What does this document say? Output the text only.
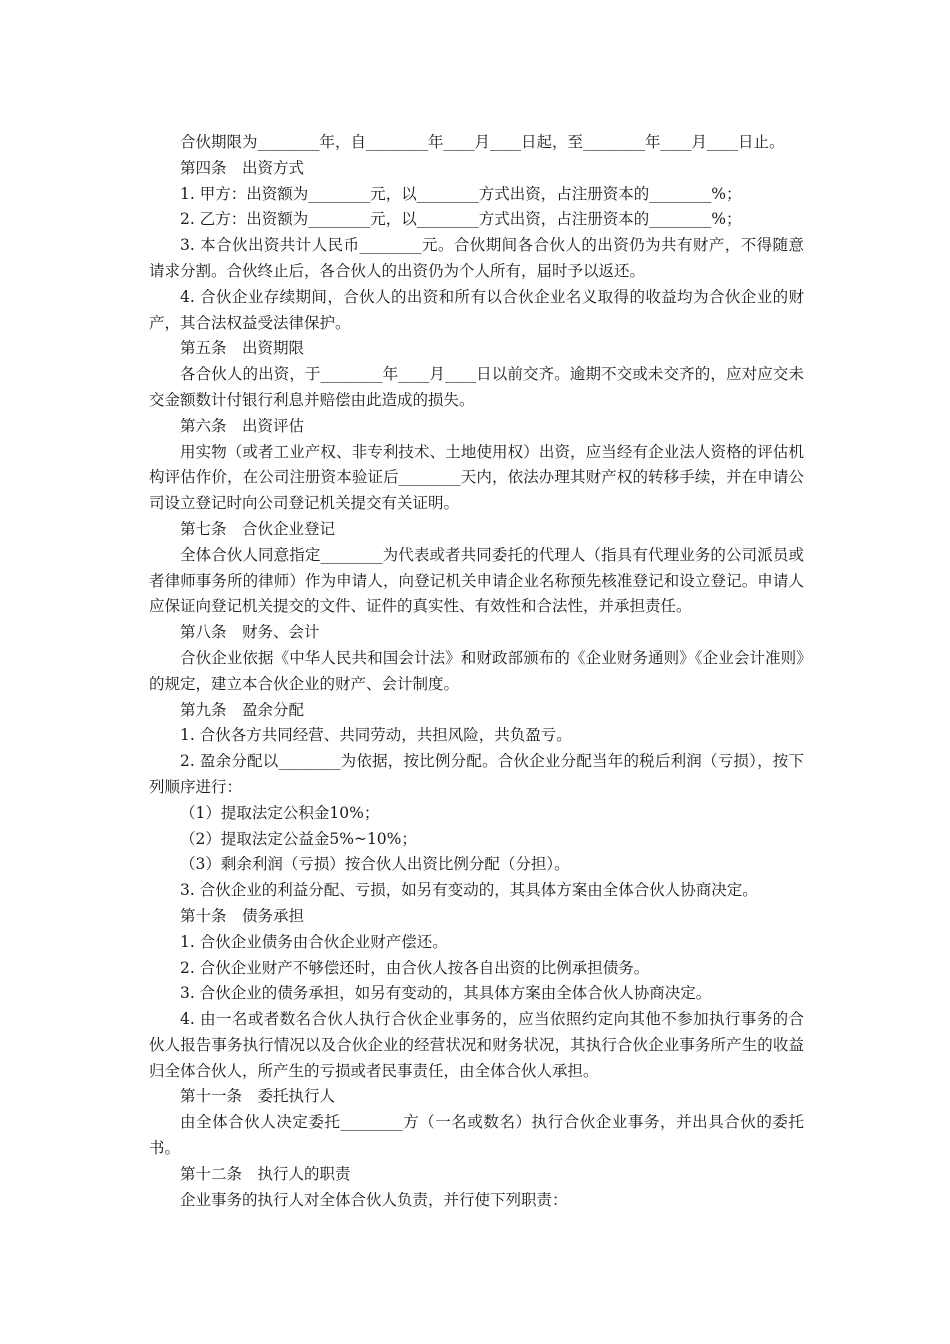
合伙期限为________年，自________年____月____日起，至________年____月____日止。

第四条　出资方式

1. 甲方：出资额为________元，以________方式出资，占注册资本的________%；

2. 乙方：出资额为________元，以________方式出资，占注册资本的________%；

3. 本合伙出资共计人民币________元。合伙期间各合伙人的出资仍为共有财产，不得随意请求分割。合伙终止后，各合伙人的出资仍为个人所有，届时予以返还。

4. 合伙企业存续期间，合伙人的出资和所有以合伙企业名义取得的收益均为合伙企业的财产，其合法权益受法律保护。

第五条　出资期限

各合伙人的出资，于________年____月____日以前交齐。逾期不交或未交齐的，应对应交未交金额数计付银行利息并赔偿由此造成的损失。

第六条　出资评估

用实物（或者工业产权、非专利技术、土地使用权）出资，应当经有企业法人资格的评估机构评估作价，在公司注册资本验证后________天内，依法办理其财产权的转移手续，并在申请公司设立登记时向公司登记机关提交有关证明。

第七条　合伙企业登记

全体合伙人同意指定________为代表或者共同委托的代理人（指具有代理业务的公司派员或者律师事务所的律师）作为申请人，向登记机关申请企业名称预先核准登记和设立登记。申请人应保证向登记机关提交的文件、证件的真实性、有效性和合法性，并承担责任。

第八条　财务、会计

合伙企业依据《中华人民共和国会计法》和财政部颁布的《企业财务通则》《企业会计准则》的规定，建立本合伙企业的财产、会计制度。

第九条　盈余分配

1. 合伙各方共同经营、共同劳动，共担风险，共负盈亏。

2. 盈余分配以________为依据，按比例分配。合伙企业分配当年的税后利润（亏损），按下列顺序进行：

（1）提取法定公积金10%；

（2）提取法定公益金5%~10%；

（3）剩余利润（亏损）按合伙人出资比例分配（分担）。

3. 合伙企业的利益分配、亏损，如另有变动的，其具体方案由全体合伙人协商决定。

第十条　债务承担

1. 合伙企业债务由合伙企业财产偿还。

2. 合伙企业财产不够偿还时，由合伙人按各自出资的比例承担债务。

3. 合伙企业的债务承担，如另有变动的，其具体方案由全体合伙人协商决定。

4. 由一名或者数名合伙人执行合伙企业事务的，应当依照约定向其他不参加执行事务的合伙人报告事务执行情况以及合伙企业的经营状况和财务状况，其执行合伙企业事务所产生的收益归全体合伙人，所产生的亏损或者民事责任，由全体合伙人承担。

第十一条　委托执行人

由全体合伙人决定委托________方（一名或数名）执行合伙企业事务，并出具合伙的委托书。

第十二条　执行人的职责

企业事务的执行人对全体合伙人负责，并行使下列职责：
